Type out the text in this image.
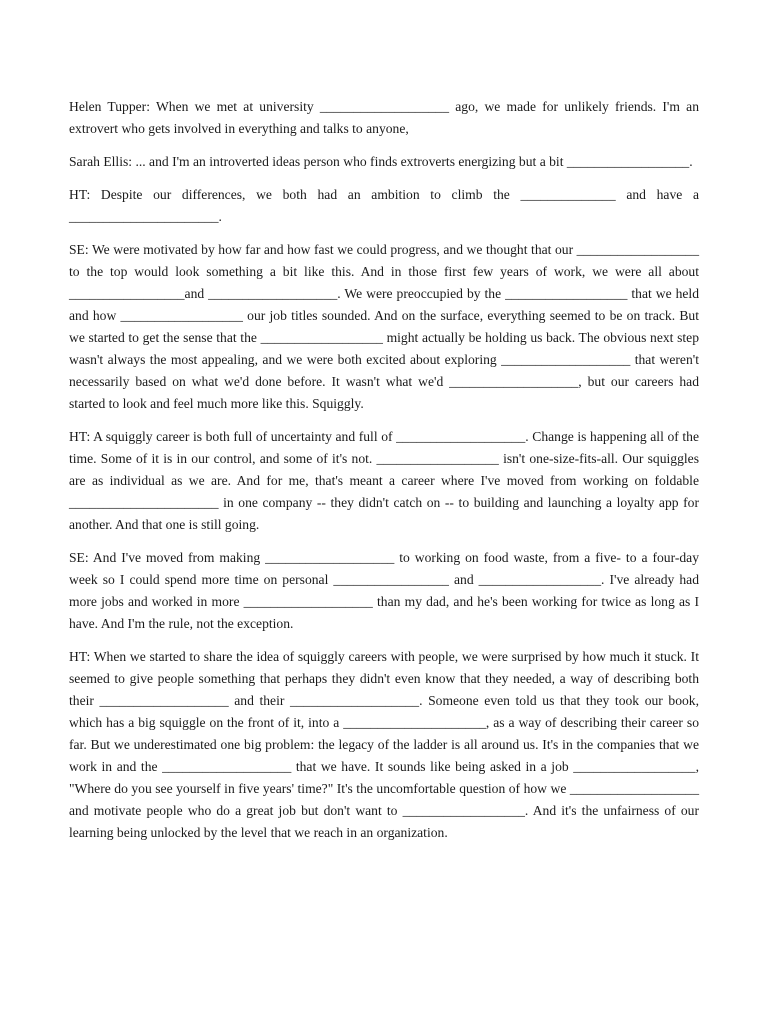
Helen Tupper: When we met at university ___________________ ago, we made for unlikely friends. I'm an extrovert who gets involved in everything and talks to anyone,

Sarah Ellis: ... and I'm an introverted ideas person who finds extroverts energizing but a bit __________________.

HT: Despite our differences, we both had an ambition to climb the ______________ and have a ______________________.

SE: We were motivated by how far and how fast we could progress, and we thought that our __________________ to the top would look something a bit like this. And in those first few years of work, we were all about _________________and ___________________. We were preoccupied by the __________________ that we held and how __________________ our job titles sounded. And on the surface, everything seemed to be on track. But we started to get the sense that the __________________ might actually be holding us back. The obvious next step wasn't always the most appealing, and we were both excited about exploring ___________________ that weren't necessarily based on what we'd done before. It wasn't what we'd ___________________, but our careers had started to look and feel much more like this. Squiggly.

HT: A squiggly career is both full of uncertainty and full of ___________________. Change is happening all of the time. Some of it is in our control, and some of it's not. __________________ isn't one-size-fits-all. Our squiggles are as individual as we are. And for me, that's meant a career where I've moved from working on foldable ______________________ in one company -- they didn't catch on -- to building and launching a loyalty app for another. And that one is still going.

SE: And I've moved from making ___________________ to working on food waste, from a five- to a four-day week so I could spend more time on personal _________________ and __________________. I've already had more jobs and worked in more ___________________ than my dad, and he's been working for twice as long as I have. And I'm the rule, not the exception.

HT: When we started to share the idea of squiggly careers with people, we were surprised by how much it stuck. It seemed to give people something that perhaps they didn't even know that they needed, a way of describing both their ___________________ and their ___________________. Someone even told us that they took our book, which has a big squiggle on the front of it, into a _____________________, as a way of describing their career so far. But we underestimated one big problem: the legacy of the ladder is all around us. It's in the companies that we work in and the ___________________ that we have. It sounds like being asked in a job __________________, "Where do you see yourself in five years' time?" It's the uncomfortable question of how we ___________________ and motivate people who do a great job but don't want to __________________. And it's the unfairness of our learning being unlocked by the level that we reach in an organization.
